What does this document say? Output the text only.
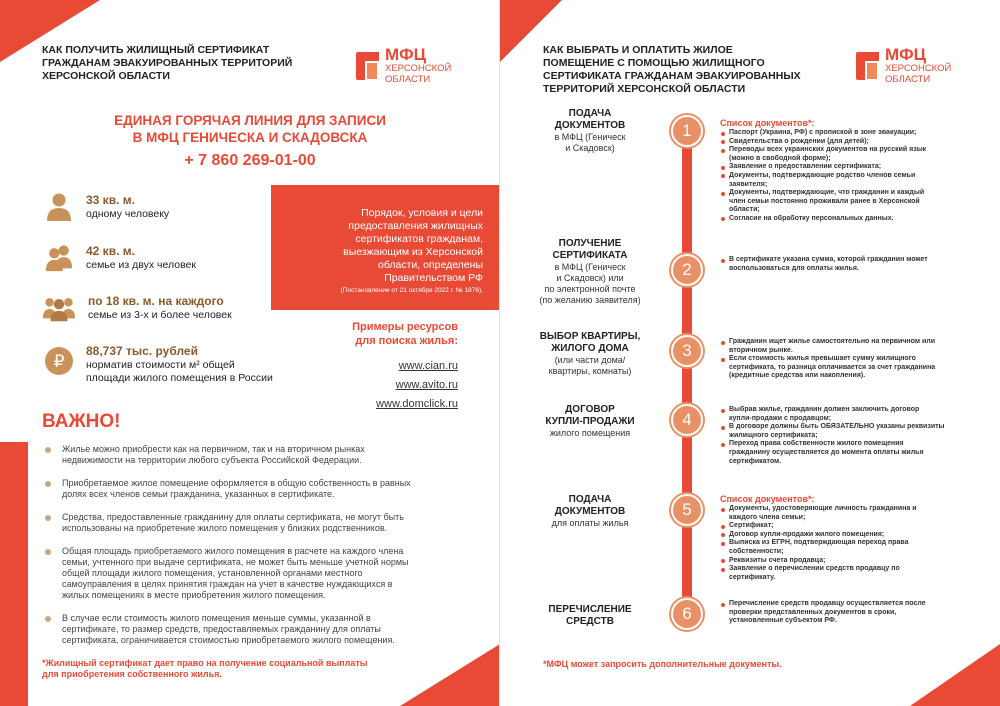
КАК ПОЛУЧИТЬ ЖИЛИЩНЫЙ СЕРТИФИКАТ
ГРАЖДАНАМ ЭВАКУИРОВАННЫХ ТЕРРИТОРИЙ
ХЕРСОНСКОЙ ОБЛАСТИ
МФЦ
ХЕРСОНСКОЙ
ОБЛАСТИ
ЕДИНАЯ ГОРЯЧАЯ ЛИНИЯ ДЛЯ ЗАПИСИ
В МФЦ ГЕНИЧЕСКА И СКАДОВСКА
+ 7 860 269-01-00
33 кв. м.
одному человеку
42 кв. м.
семье из двух человек
по 18 кв. м. на каждого
семье из 3-х и более человек
₽
88,737 тыс. рублей
норматив стоимости м² общей
площади жилого помещения в России
Порядок, условия и цели
предоставления жилищных
сертификатов гражданам,
выезжающим из Херсонской
области, определены
Правительством РФ
(Постановление от 21 октября 2022 г. № 1876).
Примеры ресурсов
для поиска жилья:
www.cian.ru
www.avito.ru
www.domclick.ru
ВАЖНО!
Жилье можно приобрести как на первичном, так и на вторичном рынках
недвижимости на территории любого субъекта Российской Федерации.
Приобретаемое жилое помещение оформляется в общую собственность в равных
долях всех членов семьи гражданина, указанных в сертификате.
Средства, предоставленные гражданину для оплаты сертификата, не могут быть
использованы на приобретение жилого помещения у близких родственников.
Общая площадь приобретаемого жилого помещения в расчете на каждого члена
семьи, учтенного при выдаче сертификата, не может быть меньше учетной нормы
общей площади жилого помещения, установленной органами местного
самоуправления в целях принятия граждан на учет в качестве нуждающихся в
жилых помещениях в месте приобретения жилого помещения.
В случае если стоимость жилого помещения меньше суммы, указанной в
сертификате, то размер средств, предоставляемых гражданину для оплаты
сертификата, ограничивается стоимостью приобретаемого жилого помещения.
*Жилищный сертификат дает право на получение социальной выплаты
для приобретения собственного жилья.
КАК ВЫБРАТЬ И ОПЛАТИТЬ ЖИЛОЕ
ПОМЕЩЕНИЕ С ПОМОЩЬЮ ЖИЛИЩНОГО
СЕРТИФИКАТА ГРАЖДАНАМ ЭВАКУИРОВАННЫХ
ТЕРРИТОРИЙ ХЕРСОНСКОЙ ОБЛАСТИ
МФЦ
ХЕРСОНСКОЙ
ОБЛАСТИ
ПОДАЧА
ДОКУМЕНТОВ
в МФЦ (Геническ
и Скадовск)
1	Список документов*:
Паспорт (Украина, РФ) с пропиской в зоне эвакуации;
Свидетельства о рождении (для детей);
Переводы всех украинских документов на русский язык
(можно в свободной форме);
Заявление о предоставлении сертификата;
Документы, подтверждающие родство членов семьи
заявителя;
Документы, подтверждающие, что гражданин и каждый
член семьи постоянно проживали ранее в Херсонской
области;
Согласие на обработку персональных данных.
ПОЛУЧЕНИЕ
СЕРТИФИКАТА
в МФЦ (Геническ
и Скадовск) или
по электронной почте
(по желанию заявителя)
2
В сертификате указана сумма, которой гражданин может
воспользоваться для оплаты жилья.
ВЫБОР КВАРТИРЫ,
ЖИЛОГО ДОМА
(или части дома/
квартиры, комнаты)
3	Гражданин ищет жилье самостоятельно на первичном или
вторичном рынке.
Если стоимость жилья превышает сумму жилищного
сертификата, то разница оплачивается за счет гражданина
(кредитные средства или накопления).
ДОГОВОР
КУПЛИ-ПРОДАЖИ
жилого помещения
4
Выбрав жилье, гражданин должен заключить договор
купли-продажи с продавцом;
В договоре должны быть ОБЯЗАТЕЛЬНО указаны реквизиты
жилищного сертификата;
Переход права собственности жилого помещения
гражданину осуществляется до момента оплаты жилья
сертификатом.
ПОДАЧА
ДОКУМЕНТОВ
для оплаты жилья
5
Список документов*:
Документы, удостоверяющие личность гражданина и
каждого члена семьи;
Сертификат;
Договор купли-продажи жилого помещения;
Выписка из ЕГРН, подтверждающая переход права
собственности;
Реквизиты счета продавца;
Заявление о перечислении средств продавцу по
сертификату.
ПЕРЕЧИСЛЕНИЕ
СРЕДСТВ	6
Перечисление средств продавцу осуществляется после
проверки представленных документов в сроки,
установленные субъектом РФ.
*МФЦ может запросить дополнительные документы.
